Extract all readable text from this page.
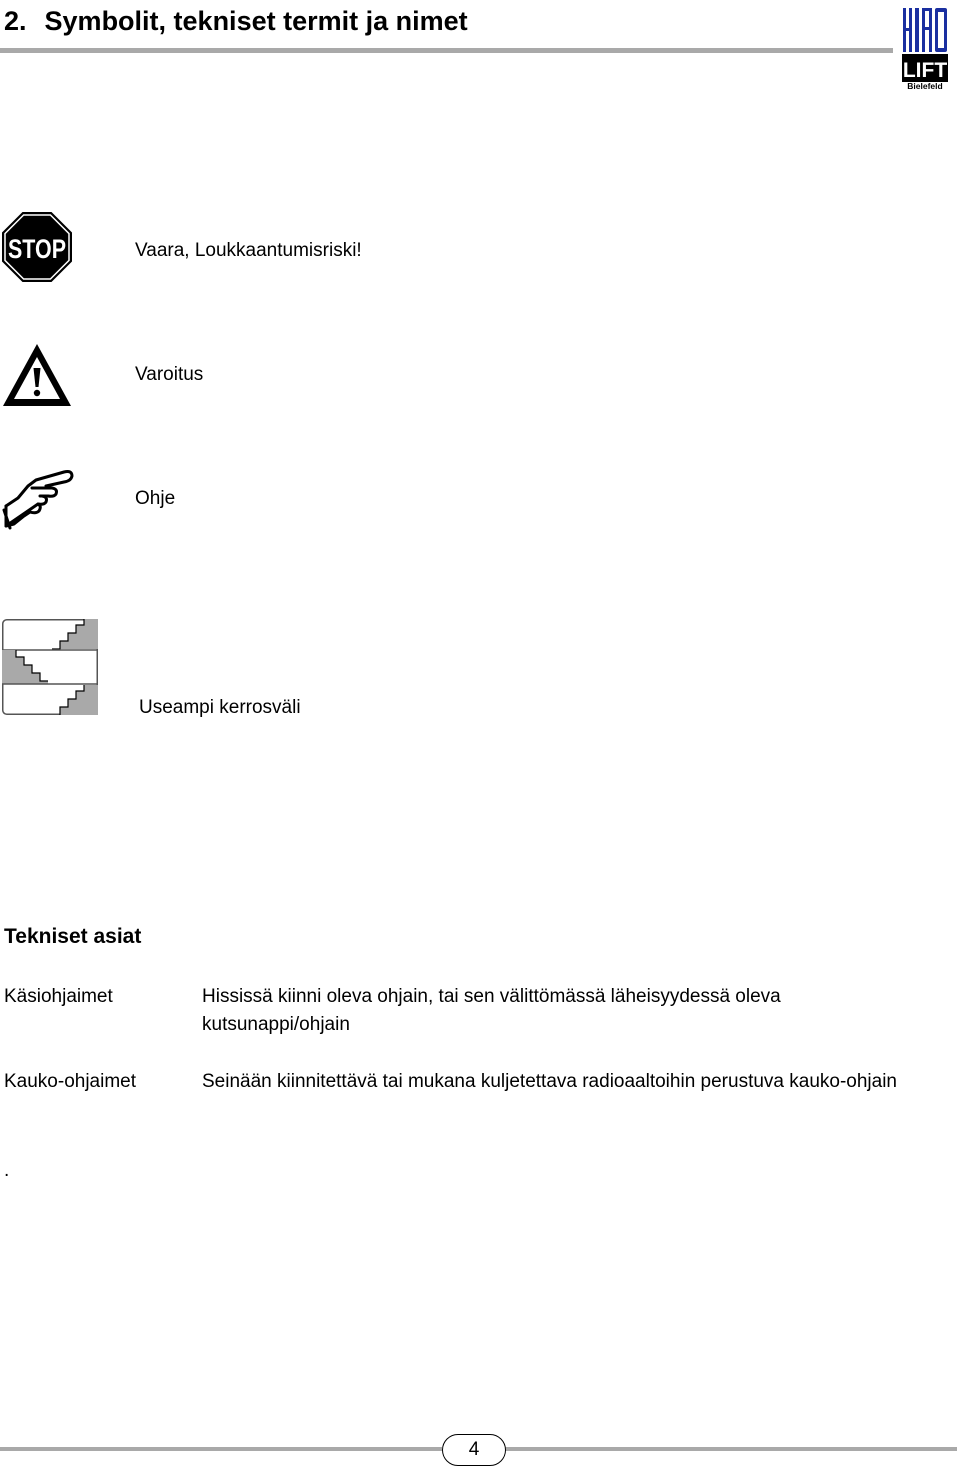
2. Symbolit, tekniset termit ja nimet
LIFT
Bielefeld
HIRO
STOP	Vaara, Loukkaantumisriski!
Varoitus
Ohje
Useampi kerrosväli
Tekniset asiat
Käsiohjaimet	Hississä kiinni oleva ohjain, tai sen välittömässä läheisyydessä oleva kutsunappi/ohjain
Kauko-ohjaimet	Seinään kiinnitettävä tai mukana kuljetettava radioaaltoihin perustuva kauko-ohjain
.
4
